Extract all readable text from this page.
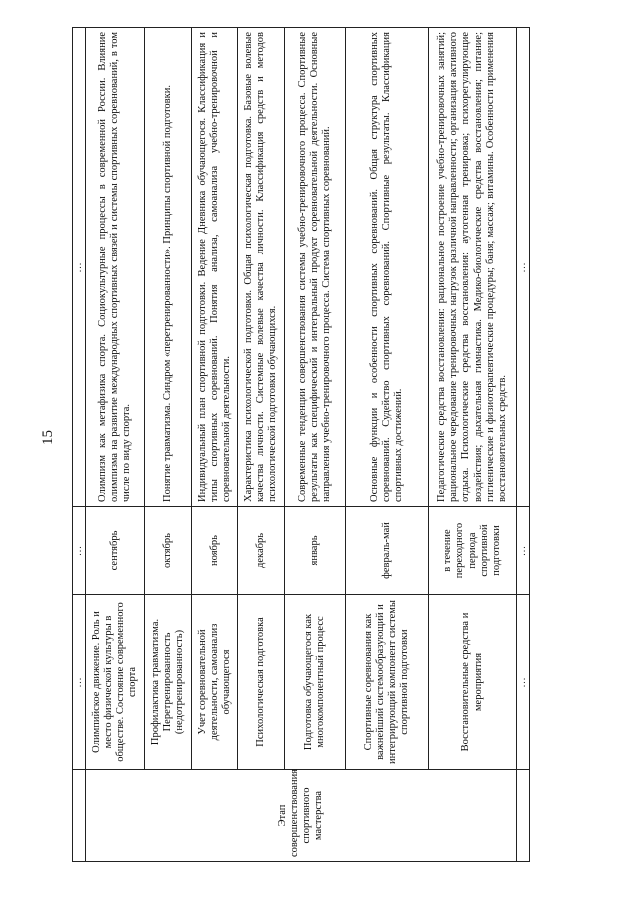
15
	...	...	...
Этап совершенствования спортивного мастерства	Олимпийское движение. Роль и место физической культуры в обществе. Состояние современного спорта	сентябрь	Олимпизм как метафизика спорта. Социокультурные процессы в современной России. Влияние олимпизма на развитие международных спортивных связей и системы спортивных соревнований, в том числе по виду спорта.
	Профилактика травматизма. Перетренированность (недотренированность)	октябрь	Понятие травматизма. Синдром «перетренированности». Принципы спортивной подготовки.
	Учет соревновательной деятельности, самоанализ обучающегося	ноябрь	Индивидуальный план спортивной подготовки. Ведение Дневника обучающегося. Классификация и типы спортивных соревнований. Понятия анализа, самоанализа учебно-тренировочной и соревновательной деятельности.
	Психологическая подготовка	декабрь	Характеристика психологической подготовки. Общая психологическая подготовка. Базовые волевые качества личности. Системные волевые качества личности. Классификация средств и методов психологической подготовки обучающихся.
	Подготовка обучающегося как многокомпонентный процесс	январь	Современные тенденции совершенствования системы учебно-тренировочного процесса. Спортивные результаты как специфический и интегральный продукт соревновательной деятельности. Основные направления учебно-тренировочного процесса. Система спортивных соревнований.
	Спортивные соревнования как важнейший системообразующий и интегрирующий компонент системы спортивной подготовки	февраль-май	Основные функции и особенности спортивных соревнований. Общая структура спортивных соревнований. Судейство спортивных соревнований. Спортивные результаты. Классификация спортивных достижений.
	Восстановительные средства и мероприятия	в течение переходного периода спортивной подготовки	Педагогические средства восстановления: рациональное построение учебно-тренировочных занятий; рациональное чередование тренировочных нагрузок различной направленности; организация активного отдыха. Психологические средства восстановления: аутогенная тренировка; психорегулирующие воздействия; дыхательная гимнастика. Медико-биологические средства восстановления; питание; гигиенические и физиотерапевтические процедуры; баня; массаж; витамины. Особенности применения восстановительных средств.
	...	...	...
